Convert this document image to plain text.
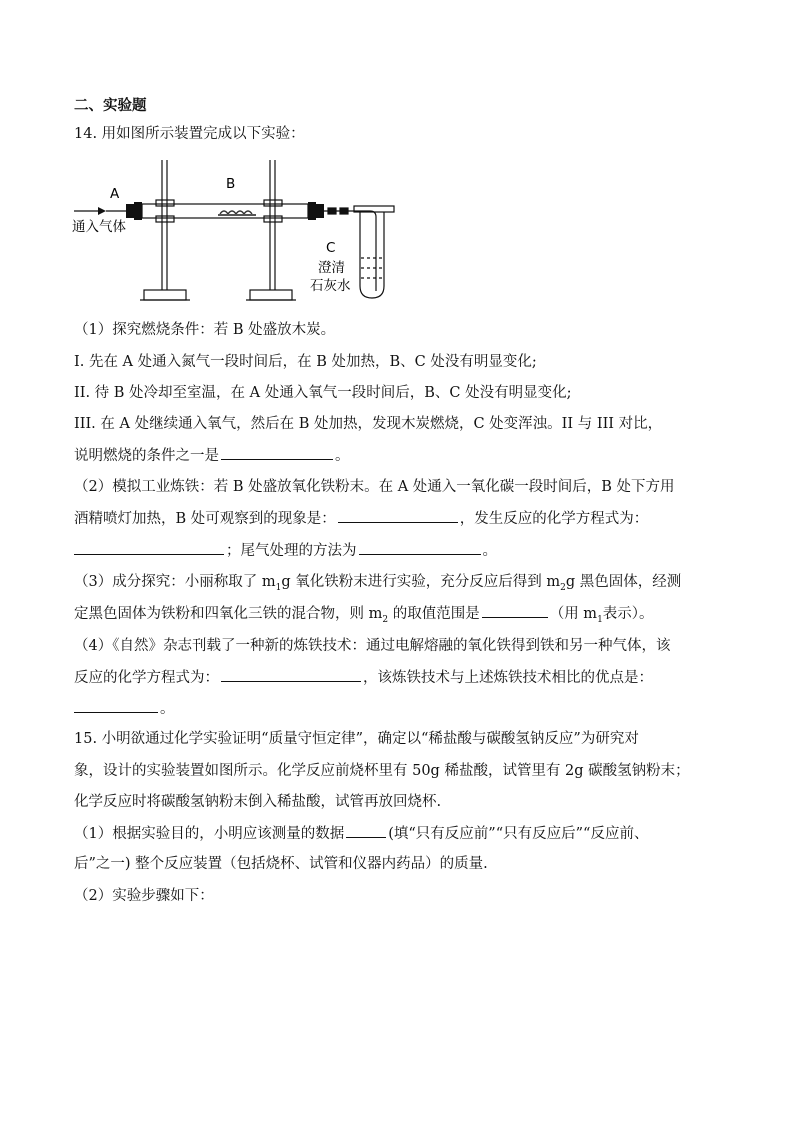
二、实验题
14. 用如图所示装置完成以下实验：
A
B
C
通入气体
澄清
石灰水
（1）探究燃烧条件：若 B 处盛放木炭。
I. 先在 A 处通入氮气一段时间后，在 B 处加热，B、C 处没有明显变化;
II. 待 B 处冷却至室温，在 A 处通入氧气一段时间后，B、C 处没有明显变化;
III. 在 A 处继续通入氧气，然后在 B 处加热，发现木炭燃烧，C 处变浑浊。II 与 III 对比，
说明燃烧的条件之一是	。
（2）模拟工业炼铁：若 B 处盛放氧化铁粉末。在 A 处通入一氧化碳一段时间后，B 处下方用
酒精喷灯加热，B 处可观察到的现象是：	，发生反应的化学方程式为：
；尾气处理的方法为	。
（3）成分探究：小丽称取了 $m_1g$ 氧化铁粉末进行实验，充分反应后得到 $m_2g$ 黑色固体，经测
定黑色固体为铁粉和四氧化三铁的混合物，则 $m_2$ 的取值范围是	（用 $m_1$表示）。
（4）《自然》杂志刊载了一种新的炼铁技术：通过电解熔融的氧化铁得到铁和另一种气体，该
反应的化学方程式为：	，该炼铁技术与上述炼铁技术相比的优点是：
。
15. 小明欲通过化学实验证明“质量守恒定律”，确定以“稀盐酸与碳酸氢钠反应”为研究对
象，设计的实验装置如图所示。化学反应前烧杯里有 50g 稀盐酸，试管里有 2g 碳酸氢钠粉末；
化学反应时将碳酸氢钠粉末倒入稀盐酸，试管再放回烧杯.
（1）根据实验目的，小明应该测量的数据	(填“只有反应前”“只有反应后”“反应前、
后”之一) 整个反应装置（包括烧杯、试管和仪器内药品）的质量.
（2）实验步骤如下：
